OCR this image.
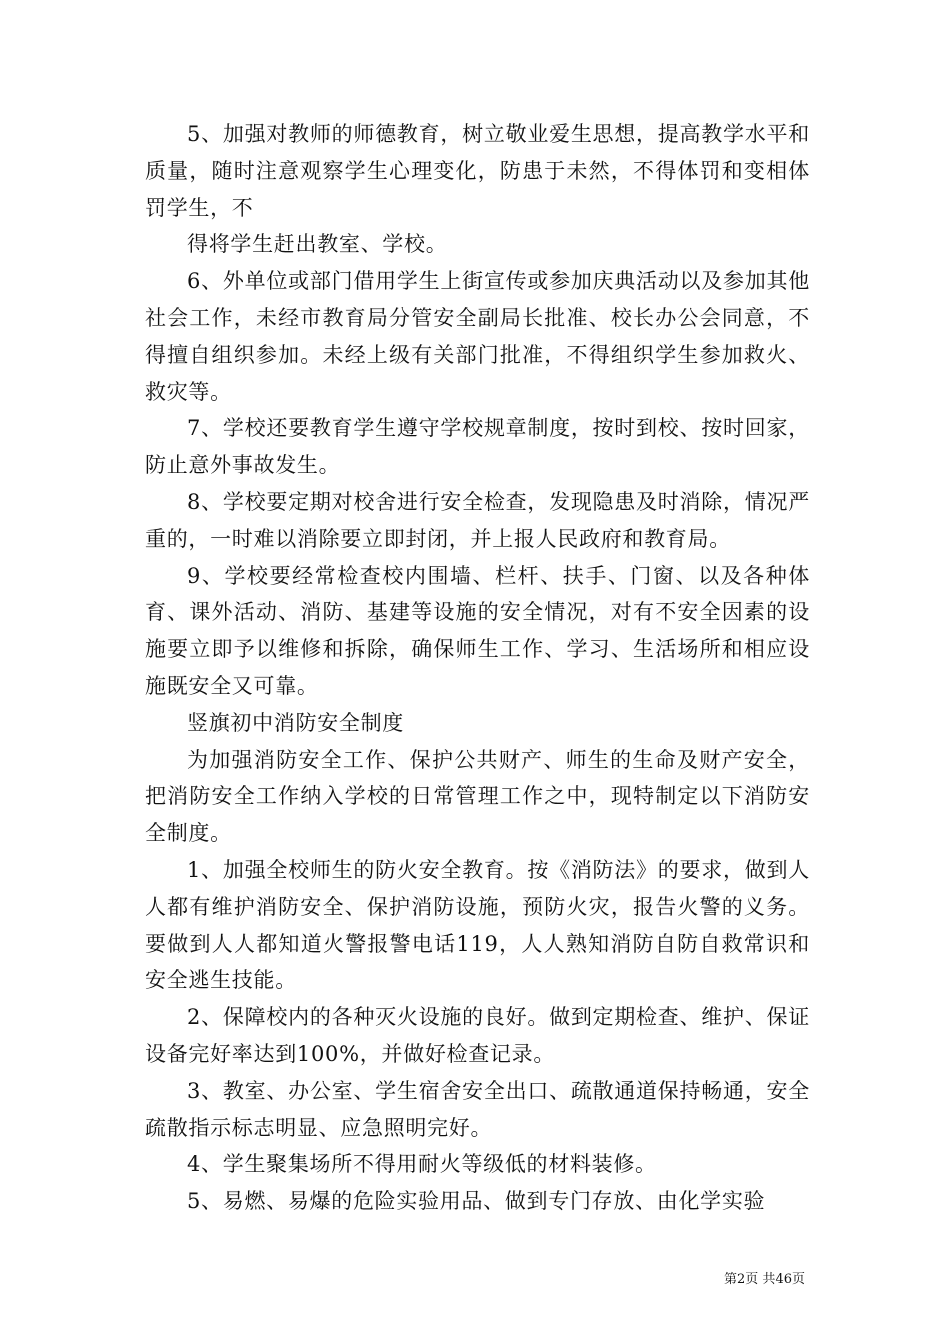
5、加强对教师的师德教育，树立敬业爱生思想，提高教学水平和质量，随时注意观察学生心理变化，防患于未然，不得体罚和变相体罚学生，不

得将学生赶出教室、学校。

6、外单位或部门借用学生上街宣传或参加庆典活动以及参加其他社会工作，未经市教育局分管安全副局长批准、校长办公会同意，不得擅自组织参加。未经上级有关部门批准，不得组织学生参加救火、救灾等。

7、学校还要教育学生遵守学校规章制度，按时到校、按时回家，防止意外事故发生。

8、学校要定期对校舍进行安全检查，发现隐患及时消除，情况严重的，一时难以消除要立即封闭，并上报人民政府和教育局。

9、学校要经常检查校内围墙、栏杆、扶手、门窗、以及各种体育、课外活动、消防、基建等设施的安全情况，对有不安全因素的设施要立即予以维修和拆除，确保师生工作、学习、生活场所和相应设施既安全又可靠。

竖旗初中消防安全制度

为加强消防安全工作、保护公共财产、师生的生命及财产安全，把消防安全工作纳入学校的日常管理工作之中，现特制定以下消防安全制度。

1、加强全校师生的防火安全教育。按《消防法》的要求，做到人人都有维护消防安全、保护消防设施，预防火灾，报告火警的义务。要做到人人都知道火警报警电话119，人人熟知消防自防自救常识和安全逃生技能。

2、保障校内的各种灭火设施的良好。做到定期检查、维护、保证设备完好率达到100%，并做好检查记录。

3、教室、办公室、学生宿舍安全出口、疏散通道保持畅通，安全疏散指示标志明显、应急照明完好。

4、学生聚集场所不得用耐火等级低的材料装修。

5、易燃、易爆的危险实验用品、做到专门存放、由化学实验

第2页 共46页
